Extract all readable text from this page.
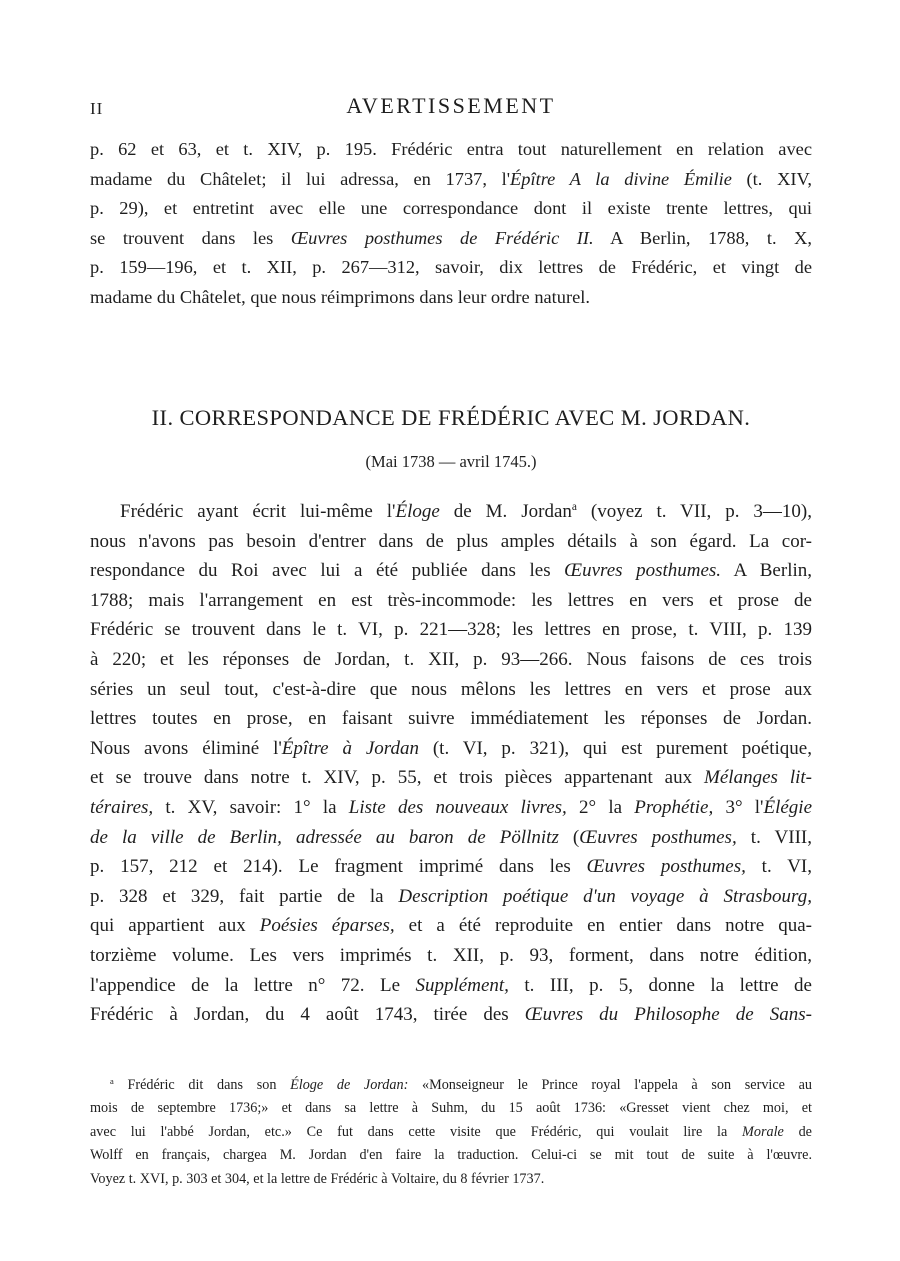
II	AVERTISSEMENT
p. 62 et 63, et t. XIV, p. 195. Frédéric entra tout naturellement en relation avec
madame du Châtelet; il lui adressa, en 1737, l'Épître A la divine Émilie (t. XIV,
p. 29), et entretint avec elle une correspondance dont il existe trente lettres, qui
se trouvent dans les Œuvres posthumes de Frédéric II. A Berlin, 1788, t. X,
p. 159—196, et t. XII, p. 267—312, savoir, dix lettres de Frédéric, et vingt de
madame du Châtelet, que nous réimprimons dans leur ordre naturel.
II. CORRESPONDANCE DE FRÉDÉRIC AVEC M. JORDAN.
(Mai 1738 — avril 1745.)
Frédéric ayant écrit lui-même l'Éloge de M. Jordan$^a$ (voyez t. VII, p. 3—10),
nous n'avons pas besoin d'entrer dans de plus amples détails à son égard. La cor-
respondance du Roi avec lui a été publiée dans les Œuvres posthumes. A Berlin,
1788; mais l'arrangement en est très-incommode: les lettres en vers et prose de
Frédéric se trouvent dans le t. VI, p. 221—328; les lettres en prose, t. VIII, p. 139
à 220; et les réponses de Jordan, t. XII, p. 93—266. Nous faisons de ces trois
séries un seul tout, c'est-à-dire que nous mêlons les lettres en vers et prose aux
lettres toutes en prose, en faisant suivre immédiatement les réponses de Jordan.
Nous avons éliminé l'Épître à Jordan (t. VI, p. 321), qui est purement poétique,
et se trouve dans notre t. XIV, p. 55, et trois pièces appartenant aux Mélanges lit-
téraires, t. XV, savoir: 1° la Liste des nouveaux livres, 2° la Prophétie, 3° l'Élégie
de la ville de Berlin, adressée au baron de Pöllnitz (Œuvres posthumes, t. VIII,
p. 157, 212 et 214). Le fragment imprimé dans les Œuvres posthumes, t. VI,
p. 328 et 329, fait partie de la Description poétique d'un voyage à Strasbourg,
qui appartient aux Poésies éparses, et a été reproduite en entier dans notre qua-
torzième volume. Les vers imprimés t. XII, p. 93, forment, dans notre édition,
l'appendice de la lettre n° 72. Le Supplément, t. III, p. 5, donne la lettre de
Frédéric à Jordan, du 4 août 1743, tirée des Œuvres du Philosophe de Sans-
$^a$ Frédéric dit dans son Éloge de Jordan: «Monseigneur le Prince royal l'appela à son service au
mois de septembre 1736;» et dans sa lettre à Suhm, du 15 août 1736: «Gresset vient chez moi, et
avec lui l'abbé Jordan, etc.» Ce fut dans cette visite que Frédéric, qui voulait lire la Morale de
Wolff en français, chargea M. Jordan d'en faire la traduction. Celui-ci se mit tout de suite à l'œuvre.
Voyez t. XVI, p. 303 et 304, et la lettre de Frédéric à Voltaire, du 8 février 1737.
